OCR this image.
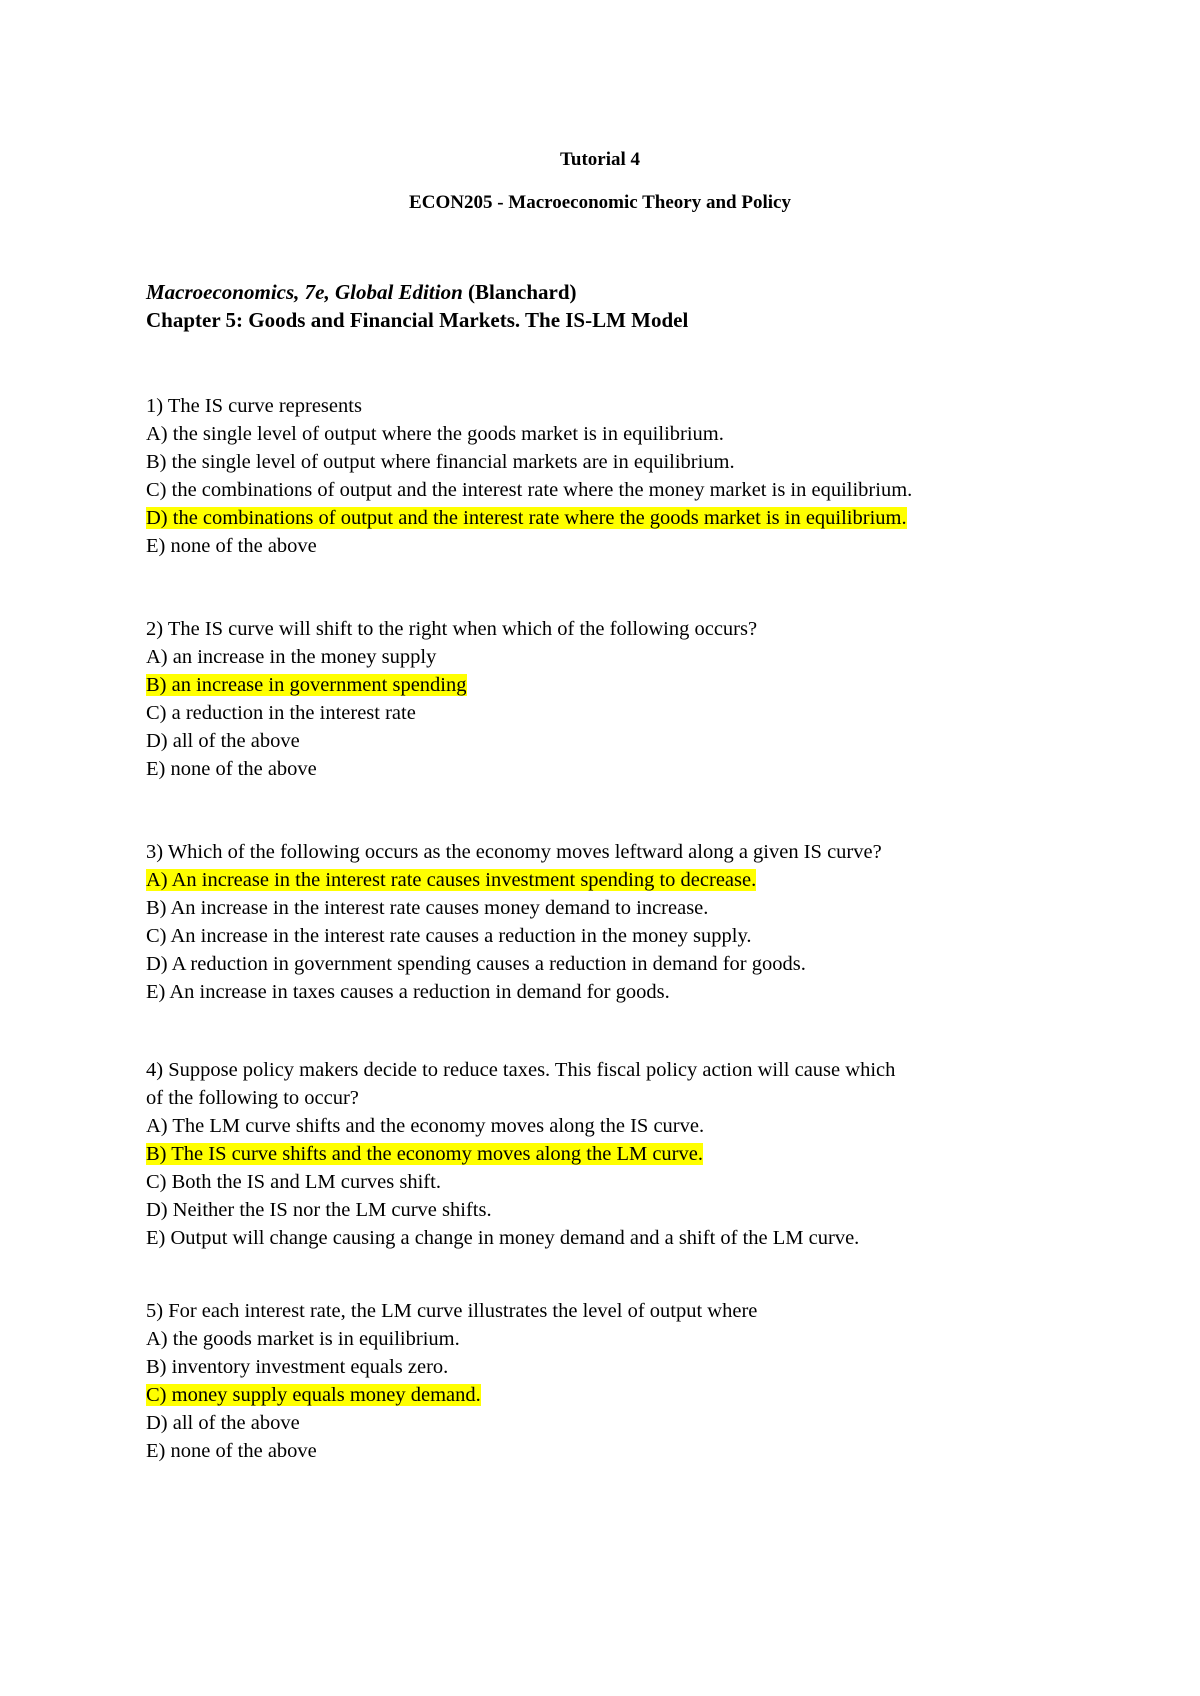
Tutorial 4
ECON205 - Macroeconomic Theory and Policy
Macroeconomics, 7e, Global Edition (Blanchard)
Chapter 5: Goods and Financial Markets. The IS-LM Model
1) The IS curve represents
A) the single level of output where the goods market is in equilibrium.
B) the single level of output where financial markets are in equilibrium.
C) the combinations of output and the interest rate where the money market is in equilibrium.
D) the combinations of output and the interest rate where the goods market is in equilibrium.
E) none of the above
2) The IS curve will shift to the right when which of the following occurs?
A) an increase in the money supply
B) an increase in government spending
C) a reduction in the interest rate
D) all of the above
E) none of the above
3) Which of the following occurs as the economy moves leftward along a given IS curve?
A) An increase in the interest rate causes investment spending to decrease.
B) An increase in the interest rate causes money demand to increase.
C) An increase in the interest rate causes a reduction in the money supply.
D) A reduction in government spending causes a reduction in demand for goods.
E) An increase in taxes causes a reduction in demand for goods.
4) Suppose policy makers decide to reduce taxes. This fiscal policy action will cause which
of the following to occur?
A) The LM curve shifts and the economy moves along the IS curve.
B) The IS curve shifts and the economy moves along the LM curve.
C) Both the IS and LM curves shift.
D) Neither the IS nor the LM curve shifts.
E) Output will change causing a change in money demand and a shift of the LM curve.
5) For each interest rate, the LM curve illustrates the level of output where
A) the goods market is in equilibrium.
B) inventory investment equals zero.
C) money supply equals money demand.
D) all of the above
E) none of the above
